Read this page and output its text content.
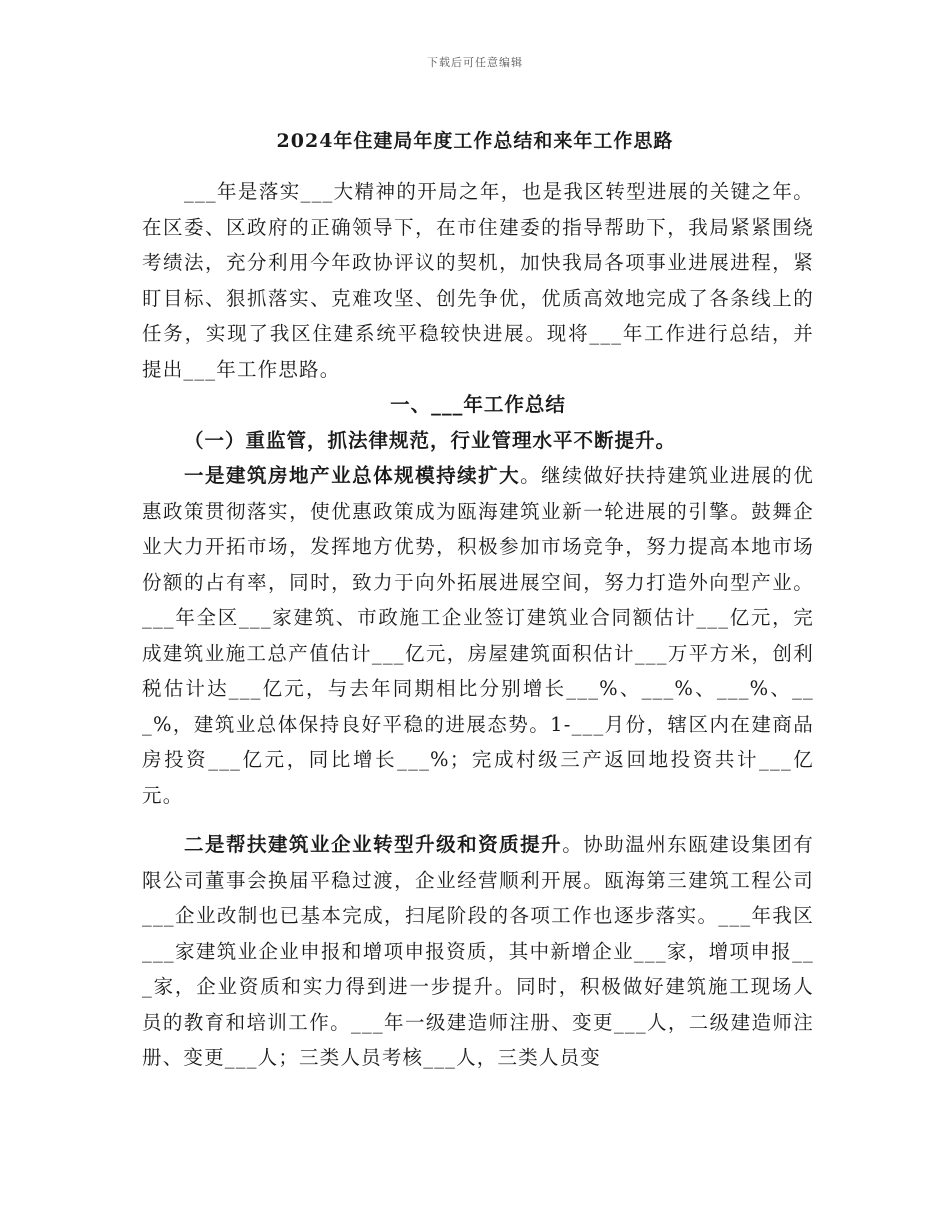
下载后可任意编辑
2024年住建局年度工作总结和来年工作思路

___年是落实___大精神的开局之年，也是我区转型进展的关键之年。在区委、区政府的正确领导下，在市住建委的指导帮助下，我局紧紧围绕考绩法，充分利用今年政协评议的契机，加快我局各项事业进展进程，紧盯目标、狠抓落实、克难攻坚、创先争优，优质高效地完成了各条线上的任务，实现了我区住建系统平稳较快进展。现将___年工作进行总结，并提出___年工作思路。

一、___年工作总结

（一）重监管，抓法律规范，行业管理水平不断提升。

一是建筑房地产业总体规模持续扩大。继续做好扶持建筑业进展的优惠政策贯彻落实，使优惠政策成为瓯海建筑业新一轮进展的引擎。鼓舞企业大力开拓市场，发挥地方优势，积极参加市场竞争，努力提高本地市场份额的占有率，同时，致力于向外拓展进展空间，努力打造外向型产业。___年全区___家建筑、市政施工企业签订建筑业合同额估计___亿元，完成建筑业施工总产值估计___亿元，房屋建筑面积估计___万平方米，创利税估计达___亿元，与去年同期相比分别增长___%、___%、___%、___%，建筑业总体保持良好平稳的进展态势。1-___月份，辖区内在建商品房投资___亿元，同比增长___%；完成村级三产返回地投资共计___亿元。

二是帮扶建筑业企业转型升级和资质提升。协助温州东瓯建设集团有限公司董事会换届平稳过渡，企业经营顺利开展。瓯海第三建筑工程公司___企业改制也已基本完成，扫尾阶段的各项工作也逐步落实。___年我区___家建筑业企业申报和增项申报资质，其中新增企业___家，增项申报___家，企业资质和实力得到进一步提升。同时，积极做好建筑施工现场人员的教育和培训工作。___年一级建造师注册、变更___人，二级建造师注册、变更___人；三类人员考核___人，三类人员变
